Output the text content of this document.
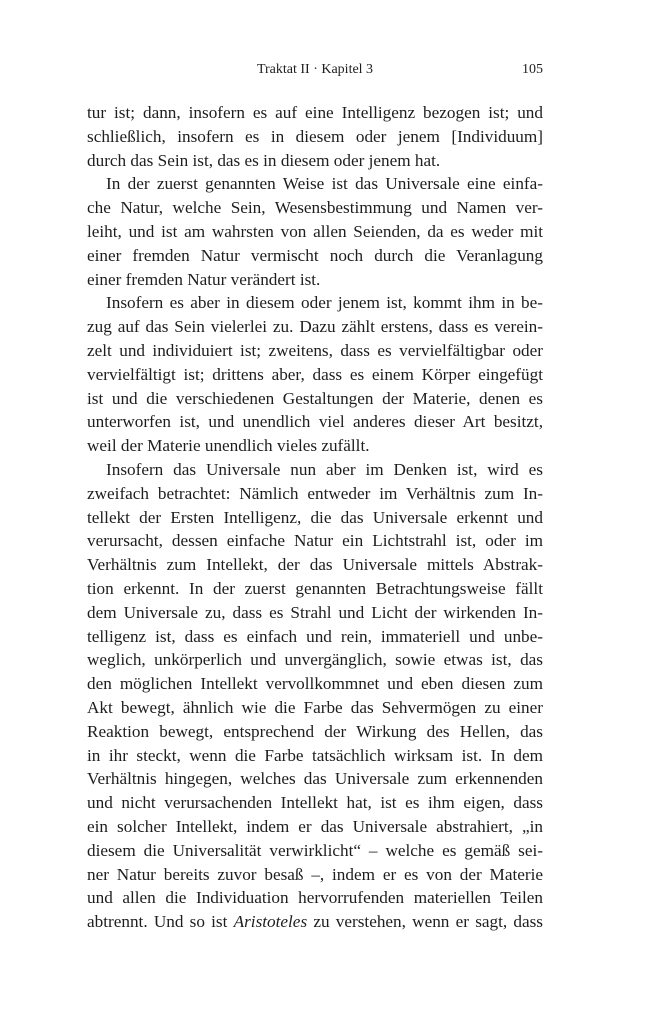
Traktat II · Kapitel 3	105
tur ist; dann, insofern es auf eine Intelligenz bezogen ist; und
schließlich, insofern es in diesem oder jenem [Individuum]
durch das Sein ist, das es in diesem oder jenem hat.
In der zuerst genannten Weise ist das Universale eine einfa-
che Natur, welche Sein, Wesensbestimmung und Namen ver-
leiht, und ist am wahrsten von allen Seienden, da es weder mit
einer fremden Natur vermischt noch durch die Veranlagung
einer fremden Natur verändert ist.
Insofern es aber in diesem oder jenem ist, kommt ihm in be-
zug auf das Sein vielerlei zu. Dazu zählt erstens, dass es verein-
zelt und individuiert ist; zweitens, dass es vervielfältigbar oder
vervielfältigt ist; drittens aber, dass es einem Körper eingefügt
ist und die verschiedenen Gestaltungen der Materie, denen es
unterworfen ist, und unendlich viel anderes dieser Art besitzt,
weil der Materie unendlich vieles zufällt.
Insofern das Universale nun aber im Denken ist, wird es
zweifach betrachtet: Nämlich entweder im Verhältnis zum In-
tellekt der Ersten Intelligenz, die das Universale erkennt und
verursacht, dessen einfache Natur ein Lichtstrahl ist, oder im
Verhältnis zum Intellekt, der das Universale mittels Abstrak-
tion erkennt. In der zuerst genannten Betrachtungsweise fällt
dem Universale zu, dass es Strahl und Licht der wirkenden In-
telligenz ist, dass es einfach und rein, immateriell und unbe-
weglich, unkörperlich und unvergänglich, sowie etwas ist, das
den möglichen Intellekt vervollkommnet und eben diesen zum
Akt bewegt, ähnlich wie die Farbe das Sehvermögen zu einer
Reaktion bewegt, entsprechend der Wirkung des Hellen, das
in ihr steckt, wenn die Farbe tatsächlich wirksam ist. In dem
Verhältnis hingegen, welches das Universale zum erkennenden
und nicht verursachenden Intellekt hat, ist es ihm eigen, dass
ein solcher Intellekt, indem er das Universale abstrahiert, „in
diesem die Universalität verwirklicht“ – welche es gemäß sei-
ner Natur bereits zuvor besaß –, indem er es von der Materie
und allen die Individuation hervorrufenden materiellen Teilen
abtrennt. Und so ist Aristoteles zu verstehen, wenn er sagt, dass
